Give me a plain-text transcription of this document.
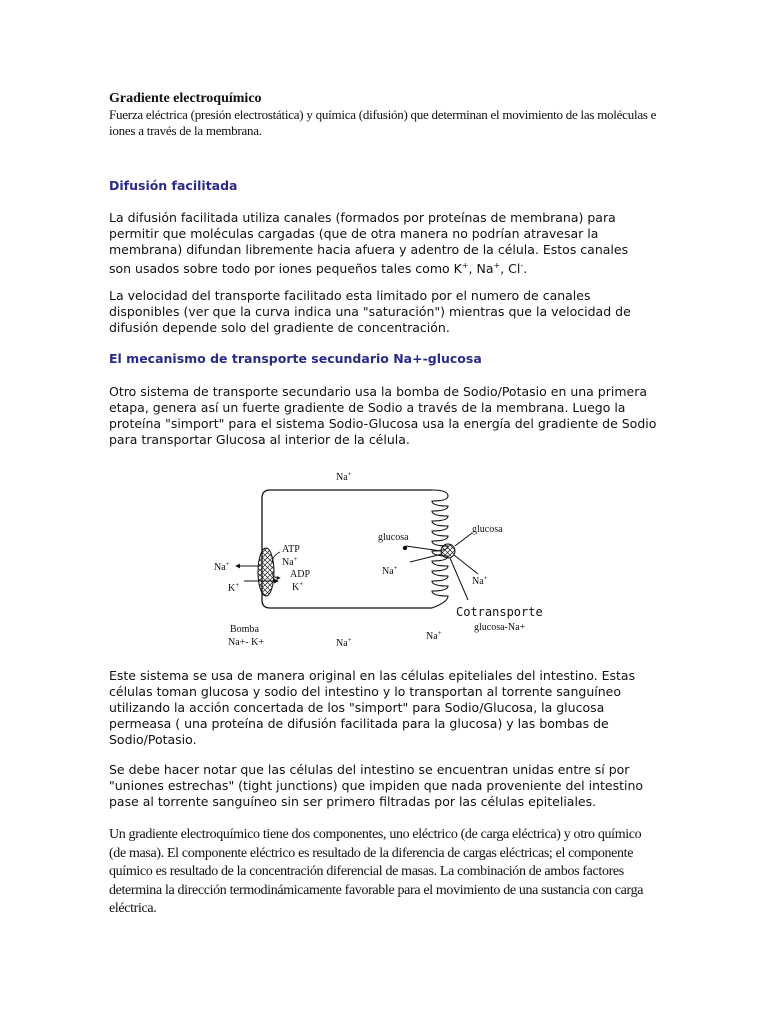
Gradiente electroquímico

Fuerza eléctrica (presión electrostática) y química (difusión) que determinan el movimiento de las moléculas e iones a través de la membrana.

Difusión facilitada

La difusión facilitada utiliza canales (formados por proteínas de membrana) para permitir que moléculas cargadas (que de otra manera no podrían atravesar la membrana) difundan libremente hacia afuera y adentro de la célula. Estos canales son usados sobre todo por iones pequeños tales como K+, Na+, Cl-.

La velocidad del transporte facilitado esta limitado por el numero de canales disponibles (ver que la curva indica una "saturación") mientras que la velocidad de difusión depende solo del gradiente de concentración.

El mecanismo de transporte secundario Na+-glucosa

Otro sistema de transporte secundario usa la bomba de Sodio/Potasio en una primera etapa, genera así un fuerte gradiente de Sodio a través de la membrana. Luego la proteína "simport" para el sistema Sodio-Glucosa usa la energía del gradiente de Sodio para transportar Glucosa al interior de la célula.

Na+
Na+
K+
ATP
Na+
ADP
K+
Bomba
Na+- K+	Na+
glucosa
Na+
glucosa
Na+
Cotransporte
glucosa-Na+
Na+

Este sistema se usa de manera original en las células epiteliales del intestino. Estas células toman glucosa y sodio del intestino y lo transportan al torrente sanguíneo utilizando la acción concertada de los "simport" para Sodio/Glucosa, la glucosa permeasa ( una proteína de difusión facilitada para la glucosa) y las bombas de Sodio/Potasio.

Se debe hacer notar que las células del intestino se encuentran unidas entre sí por "uniones estrechas" (tight junctions) que impiden que nada proveniente del intestino pase al torrente sanguíneo sin ser primero filtradas por las células epiteliales.

Un gradiente electroquímico tiene dos componentes, uno eléctrico (de carga eléctrica) y otro químico (de masa). El componente eléctrico es resultado de la diferencia de cargas eléctricas; el componente químico es resultado de la concentración diferencial de masas. La combinación de ambos factores determina la dirección termodinámicamente favorable para el movimiento de una sustancia con carga eléctrica.
